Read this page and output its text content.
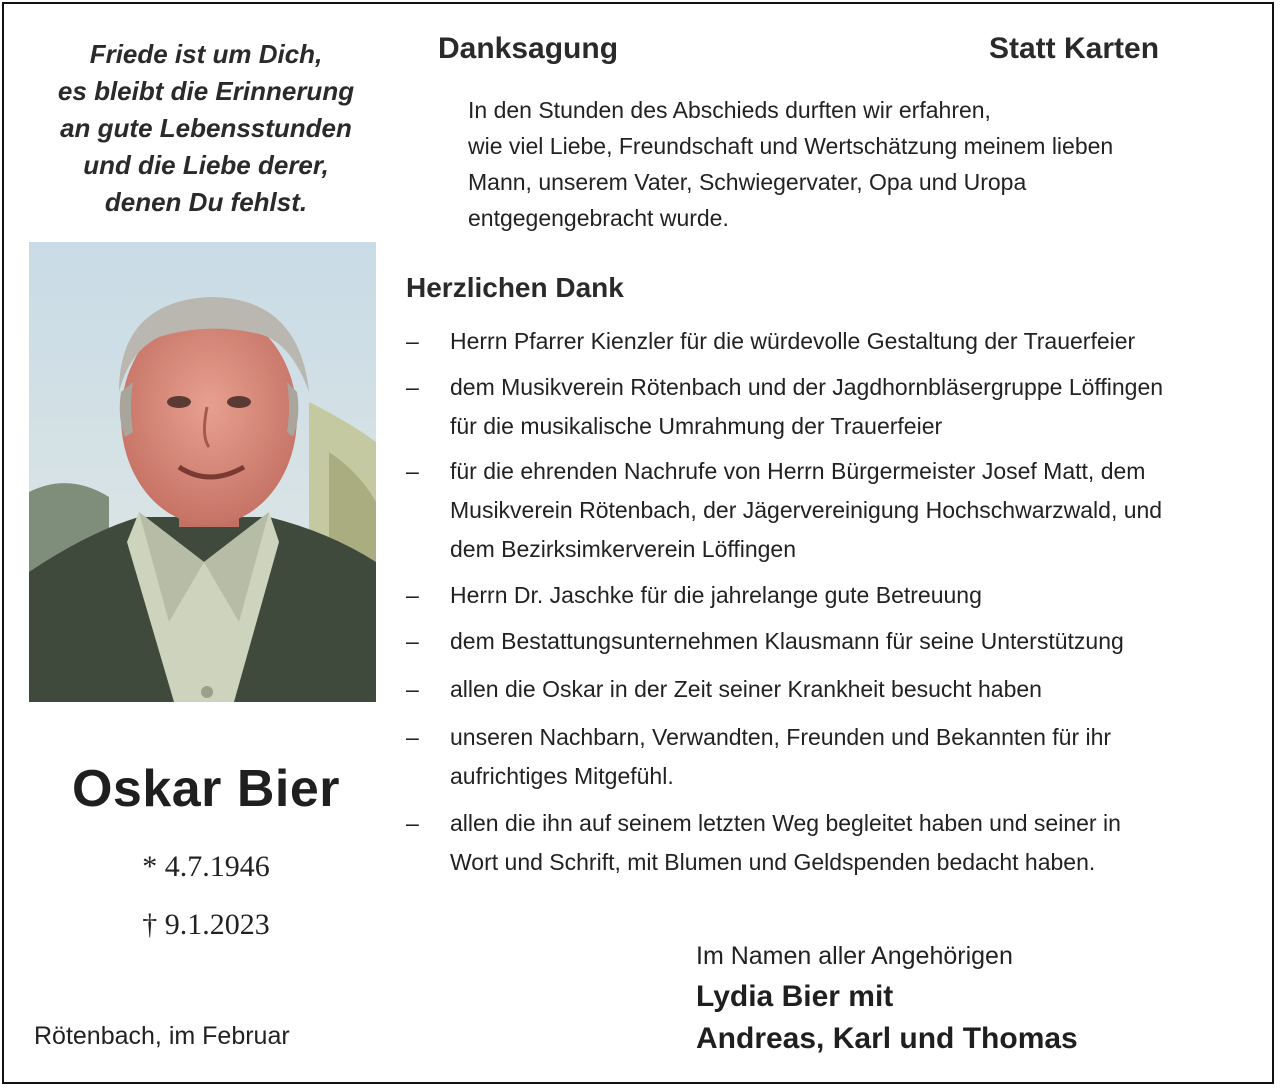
Friede ist um Dich,
es bleibt die Erinnerung
an gute Lebensstunden
und die Liebe derer,
denen Du fehlst.
Oskar Bier
* 4.7.1946
† 9.1.2023
Rötenbach, im Februar
Danksagung	Statt Karten
In den Stunden des Abschieds durften wir erfahren,
wie viel Liebe, Freundschaft und Wertschätzung meinem lieben
Mann, unserem Vater, Schwiegervater, Opa und Uropa
entgegengebracht wurde.
Herzlichen Dank
–	Herrn Pfarrer Kienzler für die würdevolle Gestaltung der Trauerfeier
–	dem Musikverein Rötenbach und der Jagdhornbläsergruppe Löffingen
für die musikalische Umrahmung der Trauerfeier
–	für die ehrenden Nachrufe von Herrn Bürgermeister Josef Matt, dem
Musikverein Rötenbach, der Jägervereinigung Hochschwarzwald, und
dem Bezirksimkerverein Löffingen
–	Herrn Dr. Jaschke für die jahrelange gute Betreuung
–	dem Bestattungsunternehmen Klausmann für seine Unterstützung
–	allen die Oskar in der Zeit seiner Krankheit besucht haben
–	unseren Nachbarn, Verwandten, Freunden und Bekannten für ihr
aufrichtiges Mitgefühl.
–	allen die ihn auf seinem letzten Weg begleitet haben und seiner in
Wort und Schrift, mit Blumen und Geldspenden bedacht haben.
Im Namen aller Angehörigen
Lydia Bier mit
Andreas, Karl und Thomas
